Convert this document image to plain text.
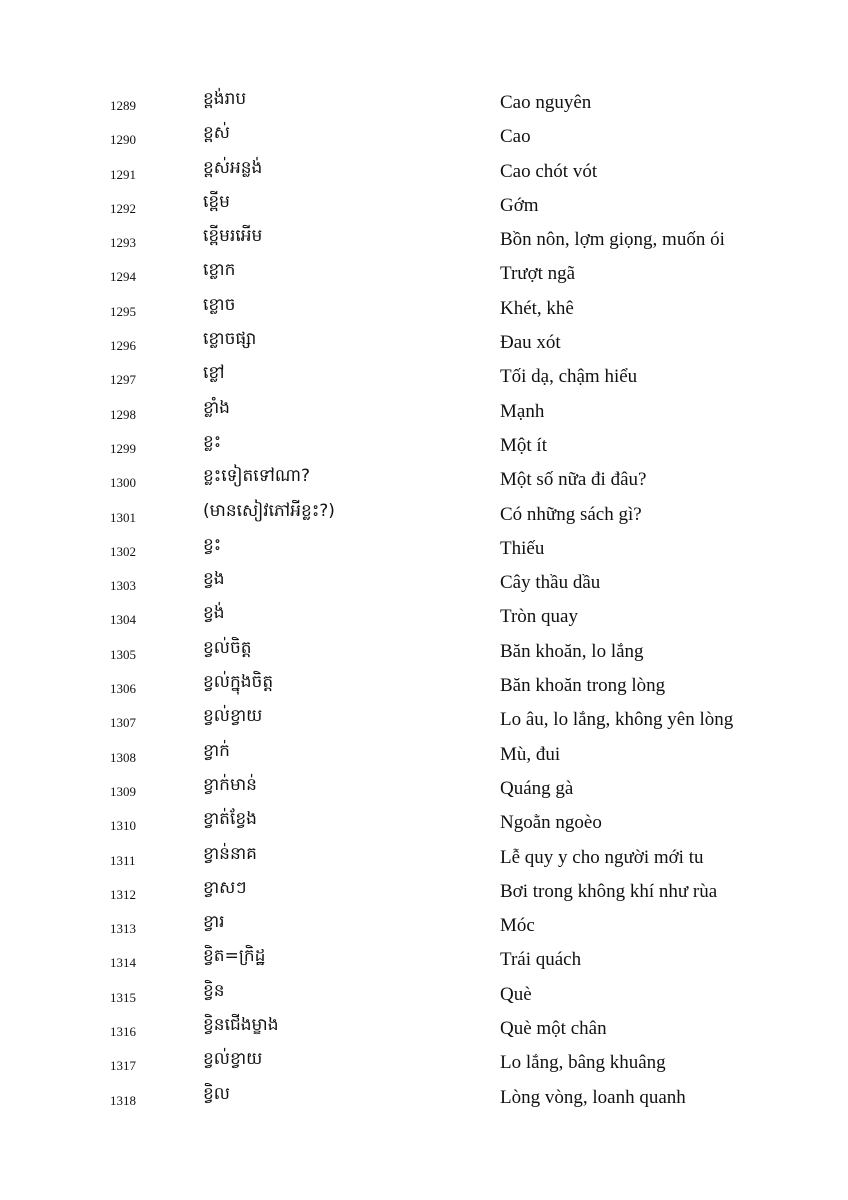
1289	ខ្ពង់រាប	Cao nguyên
1290	ខ្ពស់	Cao
1291	ខ្ពស់អន្លង់	Cao chót vót
1292	ខ្ពើម	Gớm
1293	ខ្ពើមរអើម	Bồn nôn, lợm giọng, muốn ói
1294	ខ្លោក	Trượt ngã
1295	ខ្លោច	Khét, khê
1296	ខ្លោចផ្សា	Đau xót
1297	ខ្លៅ	Tối dạ, chậm hiểu
1298	ខ្លាំង	Mạnh
1299	ខ្លះ	Một ít
1300	ខ្លះទៀតទៅណា?	Một số nữa đi đâu?
1301	(មានសៀវភៅអីខ្លះ?)	Có những sách gì?
1302	ខ្វះ	Thiếu
1303	ខ្វង	Cây thầu dầu
1304	ខ្វង់	Tròn quay
1305	ខ្វល់ចិត្ត	Băn khoăn, lo lắng
1306	ខ្វល់ក្នុងចិត្ត	Băn khoăn trong lòng
1307	ខ្វល់ខ្វាយ	Lo âu, lo lắng, không yên lòng
1308	ខ្វាក់	Mù, đui
1309	ខ្វាក់មាន់	Quáng gà
1310	ខ្វាត់ខ្វែង	Ngoằn ngoèo
1311	ខ្វាន់នាគ	Lễ quy y cho người mới tu
1312	ខ្វាសៗ	Bơi trong không khí như rùa
1313	ខ្វារ	Móc
1314	ខ្វិត=ក្រិដ្ឋ	Trái quách
1315	ខ្វិន	Què
1316	ខ្វិនជើងម្ខាង	Què một chân
1317	ខ្វល់ខ្វាយ	Lo lắng, bâng khuâng
1318	ខ្វិល	Lòng vòng, loanh quanh
